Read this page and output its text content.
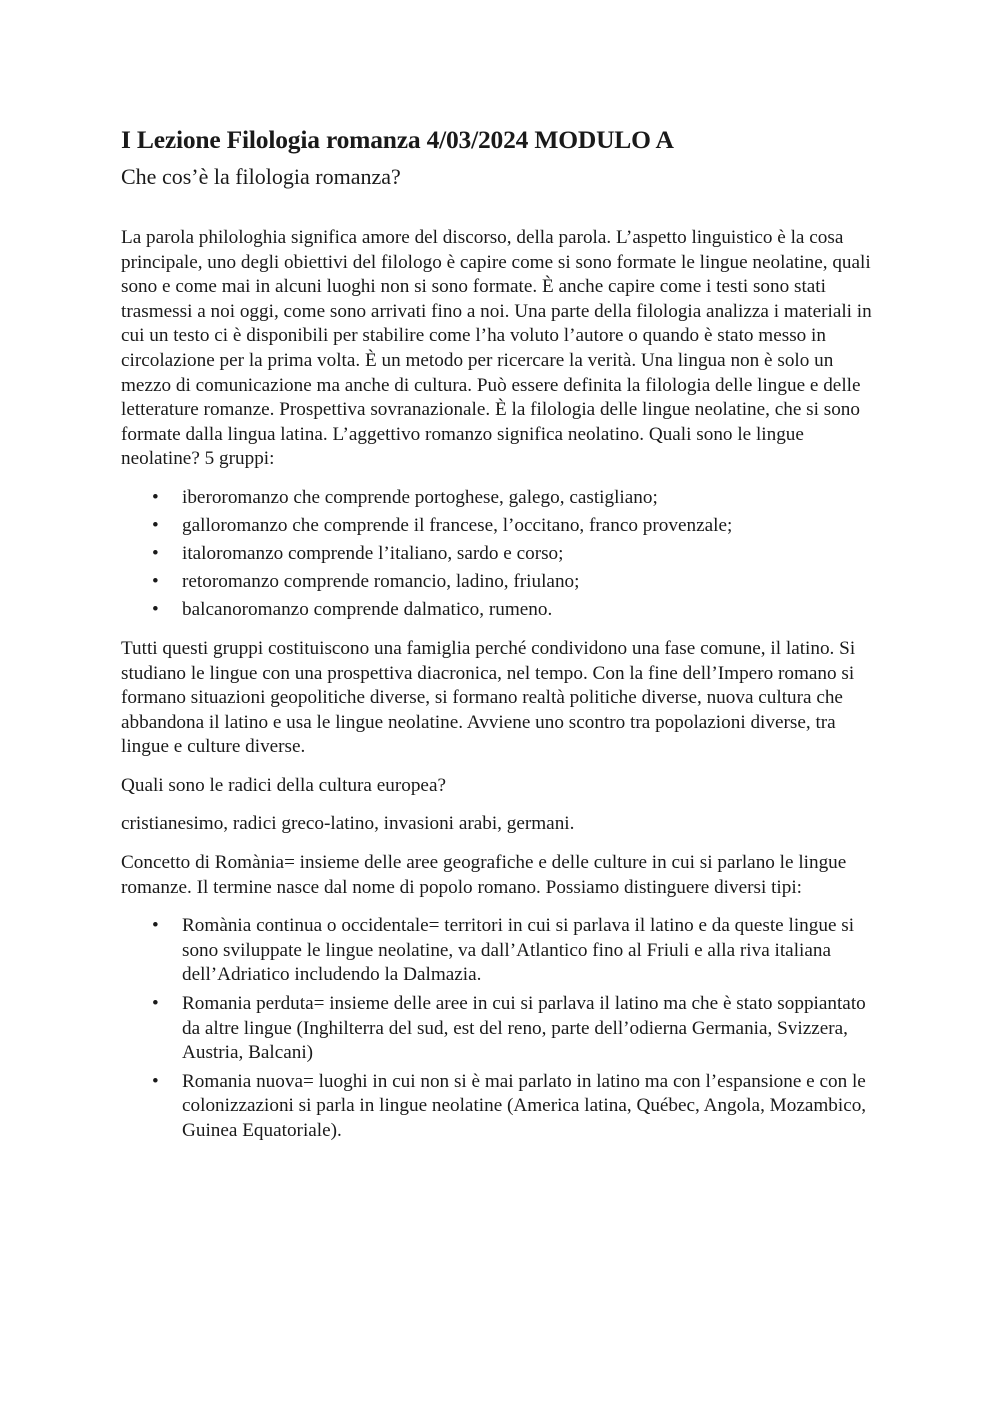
I Lezione Filologia romanza 4/03/2024 MODULO A
Che cos’è la filologia romanza?

La parola philologhia significa amore del discorso, della parola. L’aspetto linguistico è la cosa principale, uno degli obiettivi del filologo è capire come si sono formate le lingue neolatine, quali sono e come mai in alcuni luoghi non si sono formate. È anche capire come i testi sono stati trasmessi a noi oggi, come sono arrivati fino a noi. Una parte della filologia analizza i materiali in cui un testo ci è disponibili per stabilire come l’ha voluto l’autore o quando è stato messo in circolazione per la prima volta. È un metodo per ricercare la verità. Una lingua non è solo un mezzo di comunicazione ma anche di cultura. Può essere definita la filologia delle lingue e delle letterature romanze. Prospettiva sovranazionale. È la filologia delle lingue neolatine, che si sono formate dalla lingua latina. L’aggettivo romanzo significa neolatino. Quali sono le lingue neolatine? 5 gruppi:

• iberoromanzo che comprende portoghese, galego, castigliano;
• galloromanzo che comprende il francese, l’occitano, franco provenzale;
• italoromanzo comprende l’italiano, sardo e corso;
• retoromanzo comprende romancio, ladino, friulano;
• balcanoromanzo comprende dalmatico, rumeno.

Tutti questi gruppi costituiscono una famiglia perché condividono una fase comune, il latino. Si studiano le lingue con una prospettiva diacronica, nel tempo. Con la fine dell’Impero romano si formano situazioni geopolitiche diverse, si formano realtà politiche diverse, nuova cultura che abbandona il latino e usa le lingue neolatine. Avviene uno scontro tra popolazioni diverse, tra lingue e culture diverse.

Quali sono le radici della cultura europea?

cristianesimo, radici greco-latino, invasioni arabi, germani.

Concetto di Romània= insieme delle aree geografiche e delle culture in cui si parlano le lingue romanze. Il termine nasce dal nome di popolo romano. Possiamo distinguere diversi tipi:

• Romània continua o occidentale= territori in cui si parlava il latino e da queste lingue si sono sviluppate le lingue neolatine, va dall’Atlantico fino al Friuli e alla riva italiana dell’Adriatico includendo la Dalmazia.
• Romania perduta= insieme delle aree in cui si parlava il latino ma che è stato soppiantato da altre lingue (Inghilterra del sud, est del reno, parte dell’odierna Germania, Svizzera, Austria, Balcani)
• Romania nuova= luoghi in cui non si è mai parlato in latino ma con l’espansione e con le colonizzazioni si parla in lingue neolatine (America latina, Québec, Angola, Mozambico, Guinea Equatoriale).
